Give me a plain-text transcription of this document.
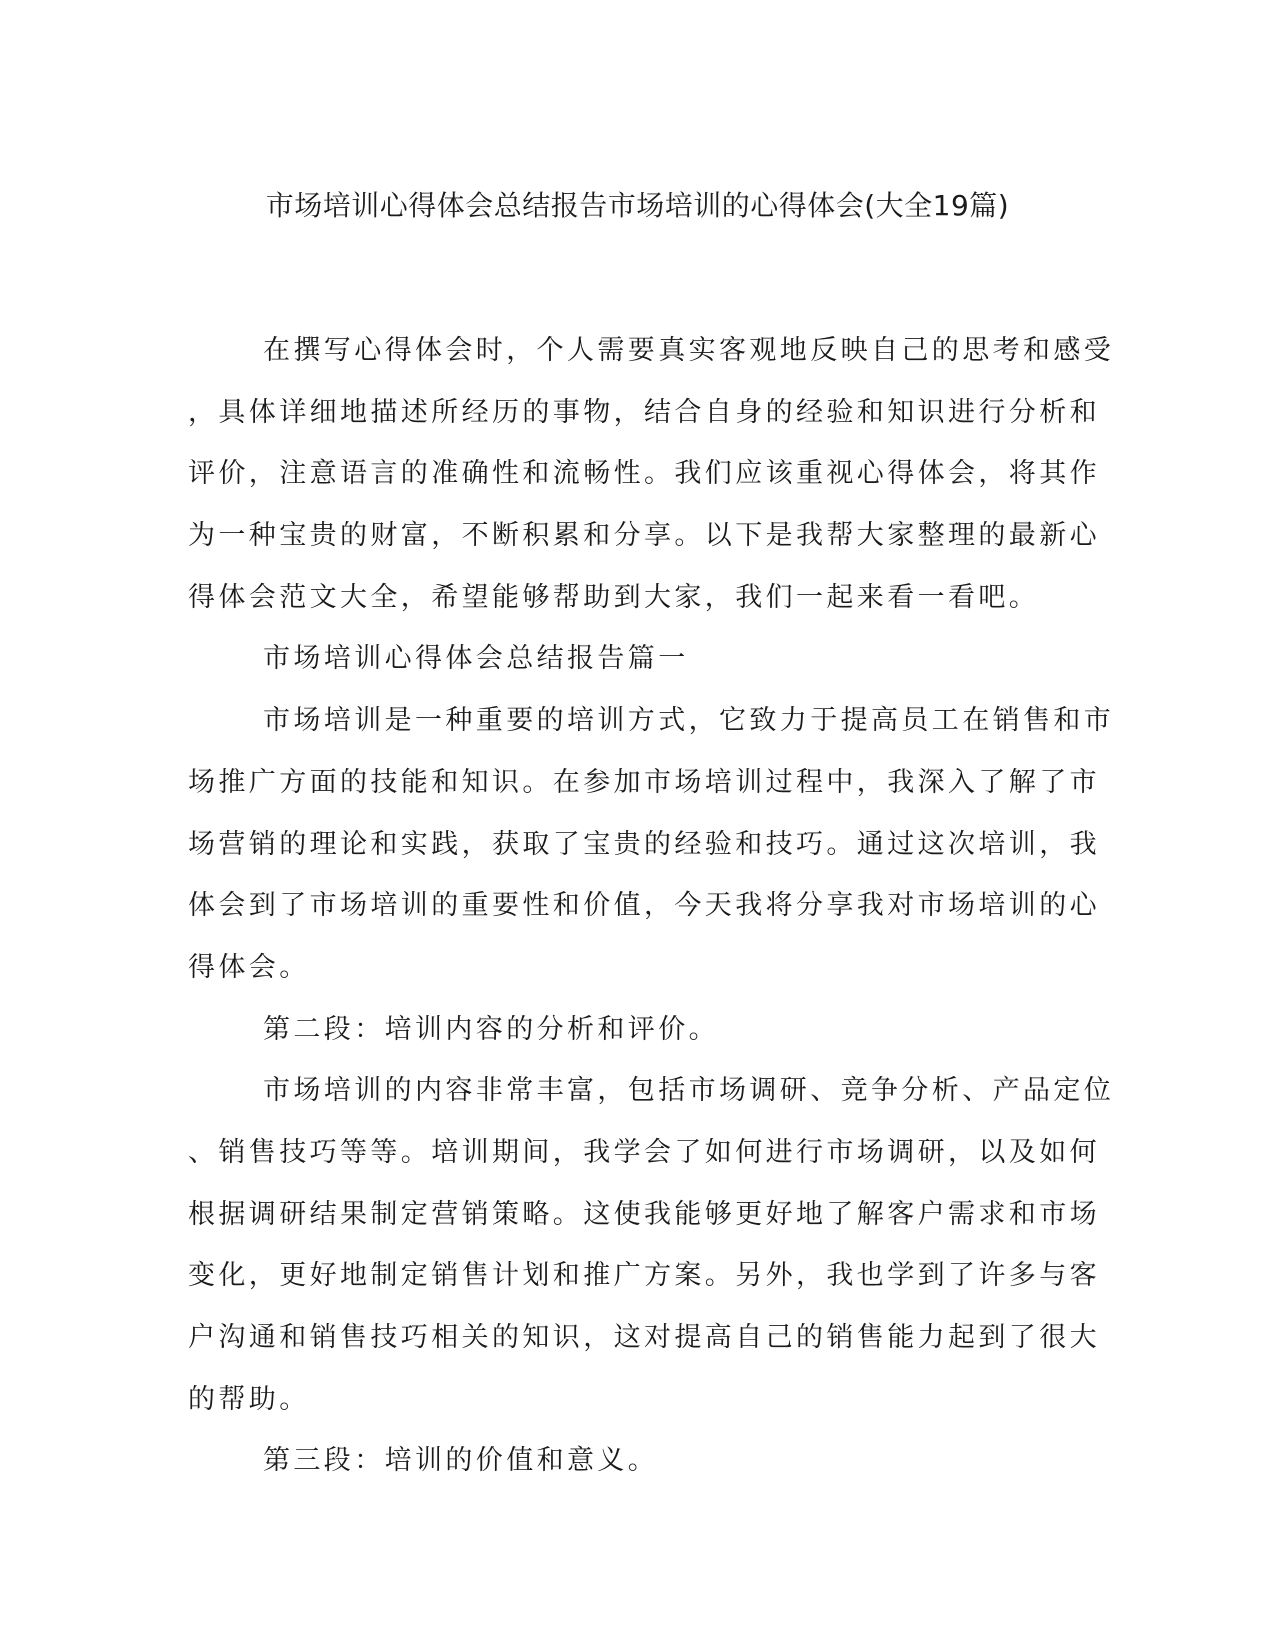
市场培训心得体会总结报告市场培训的心得体会(大全19篇)
在撰写心得体会时，个人需要真实客观地反映自己的思考和感受
，具体详细地描述所经历的事物，结合自身的经验和知识进行分析和
评价，注意语言的准确性和流畅性。我们应该重视心得体会，将其作
为一种宝贵的财富，不断积累和分享。以下是我帮大家整理的最新心
得体会范文大全，希望能够帮助到大家，我们一起来看一看吧。
市场培训心得体会总结报告篇一
市场培训是一种重要的培训方式，它致力于提高员工在销售和市
场推广方面的技能和知识。在参加市场培训过程中，我深入了解了市
场营销的理论和实践，获取了宝贵的经验和技巧。通过这次培训，我
体会到了市场培训的重要性和价值，今天我将分享我对市场培训的心
得体会。
第二段：培训内容的分析和评价。
市场培训的内容非常丰富，包括市场调研、竞争分析、产品定位
、销售技巧等等。培训期间，我学会了如何进行市场调研，以及如何
根据调研结果制定营销策略。这使我能够更好地了解客户需求和市场
变化，更好地制定销售计划和推广方案。另外，我也学到了许多与客
户沟通和销售技巧相关的知识，这对提高自己的销售能力起到了很大
的帮助。
第三段：培训的价值和意义。
